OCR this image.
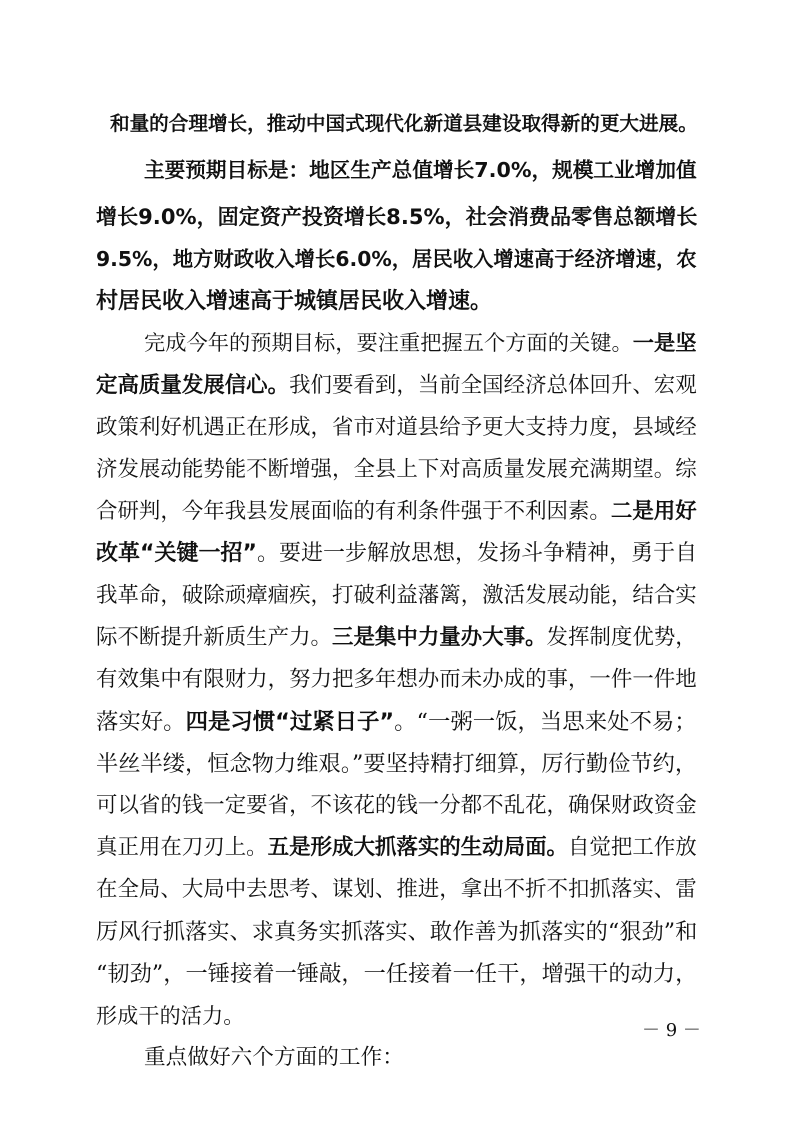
和量的合理增长，推动中国式现代化新道县建设取得新的更大进展。
主要预期目标是：地区生产总值增长7.0%，规模工业增加值
增长9.0%，固定资产投资增长8.5%，社会消费品零售总额增长
9.5%，地方财政收入增长6.0%，居民收入增速高于经济增速，农
村居民收入增速高于城镇居民收入增速。
完成今年的预期目标，要注重把握五个方面的关键。一是坚
定高质量发展信心。我们要看到，当前全国经济总体回升、宏观
政策利好机遇正在形成，省市对道县给予更大支持力度，县域经
济发展动能势能不断增强，全县上下对高质量发展充满期望。综
合研判，今年我县发展面临的有利条件强于不利因素。二是用好
改革“关键一招”。要进一步解放思想，发扬斗争精神，勇于自
我革命，破除顽瘴痼疾，打破利益藩篱，激活发展动能，结合实
际不断提升新质生产力。三是集中力量办大事。发挥制度优势，
有效集中有限财力，努力把多年想办而未办成的事，一件一件地
落实好。四是习惯“过紧日子”。“一粥一饭，当思来处不易；
半丝半缕，恒念物力维艰。”要坚持精打细算，厉行勤俭节约，
可以省的钱一定要省，不该花的钱一分都不乱花，确保财政资金
真正用在刀刃上。五是形成大抓落实的生动局面。自觉把工作放
在全局、大局中去思考、谋划、推进，拿出不折不扣抓落实、雷
厉风行抓落实、求真务实抓落实、敢作善为抓落实的“狠劲”和
“韧劲”，一锤接着一锤敲，一任接着一任干，增强干的动力，
形成干的活力。
重点做好六个方面的工作：
－ 9 －
